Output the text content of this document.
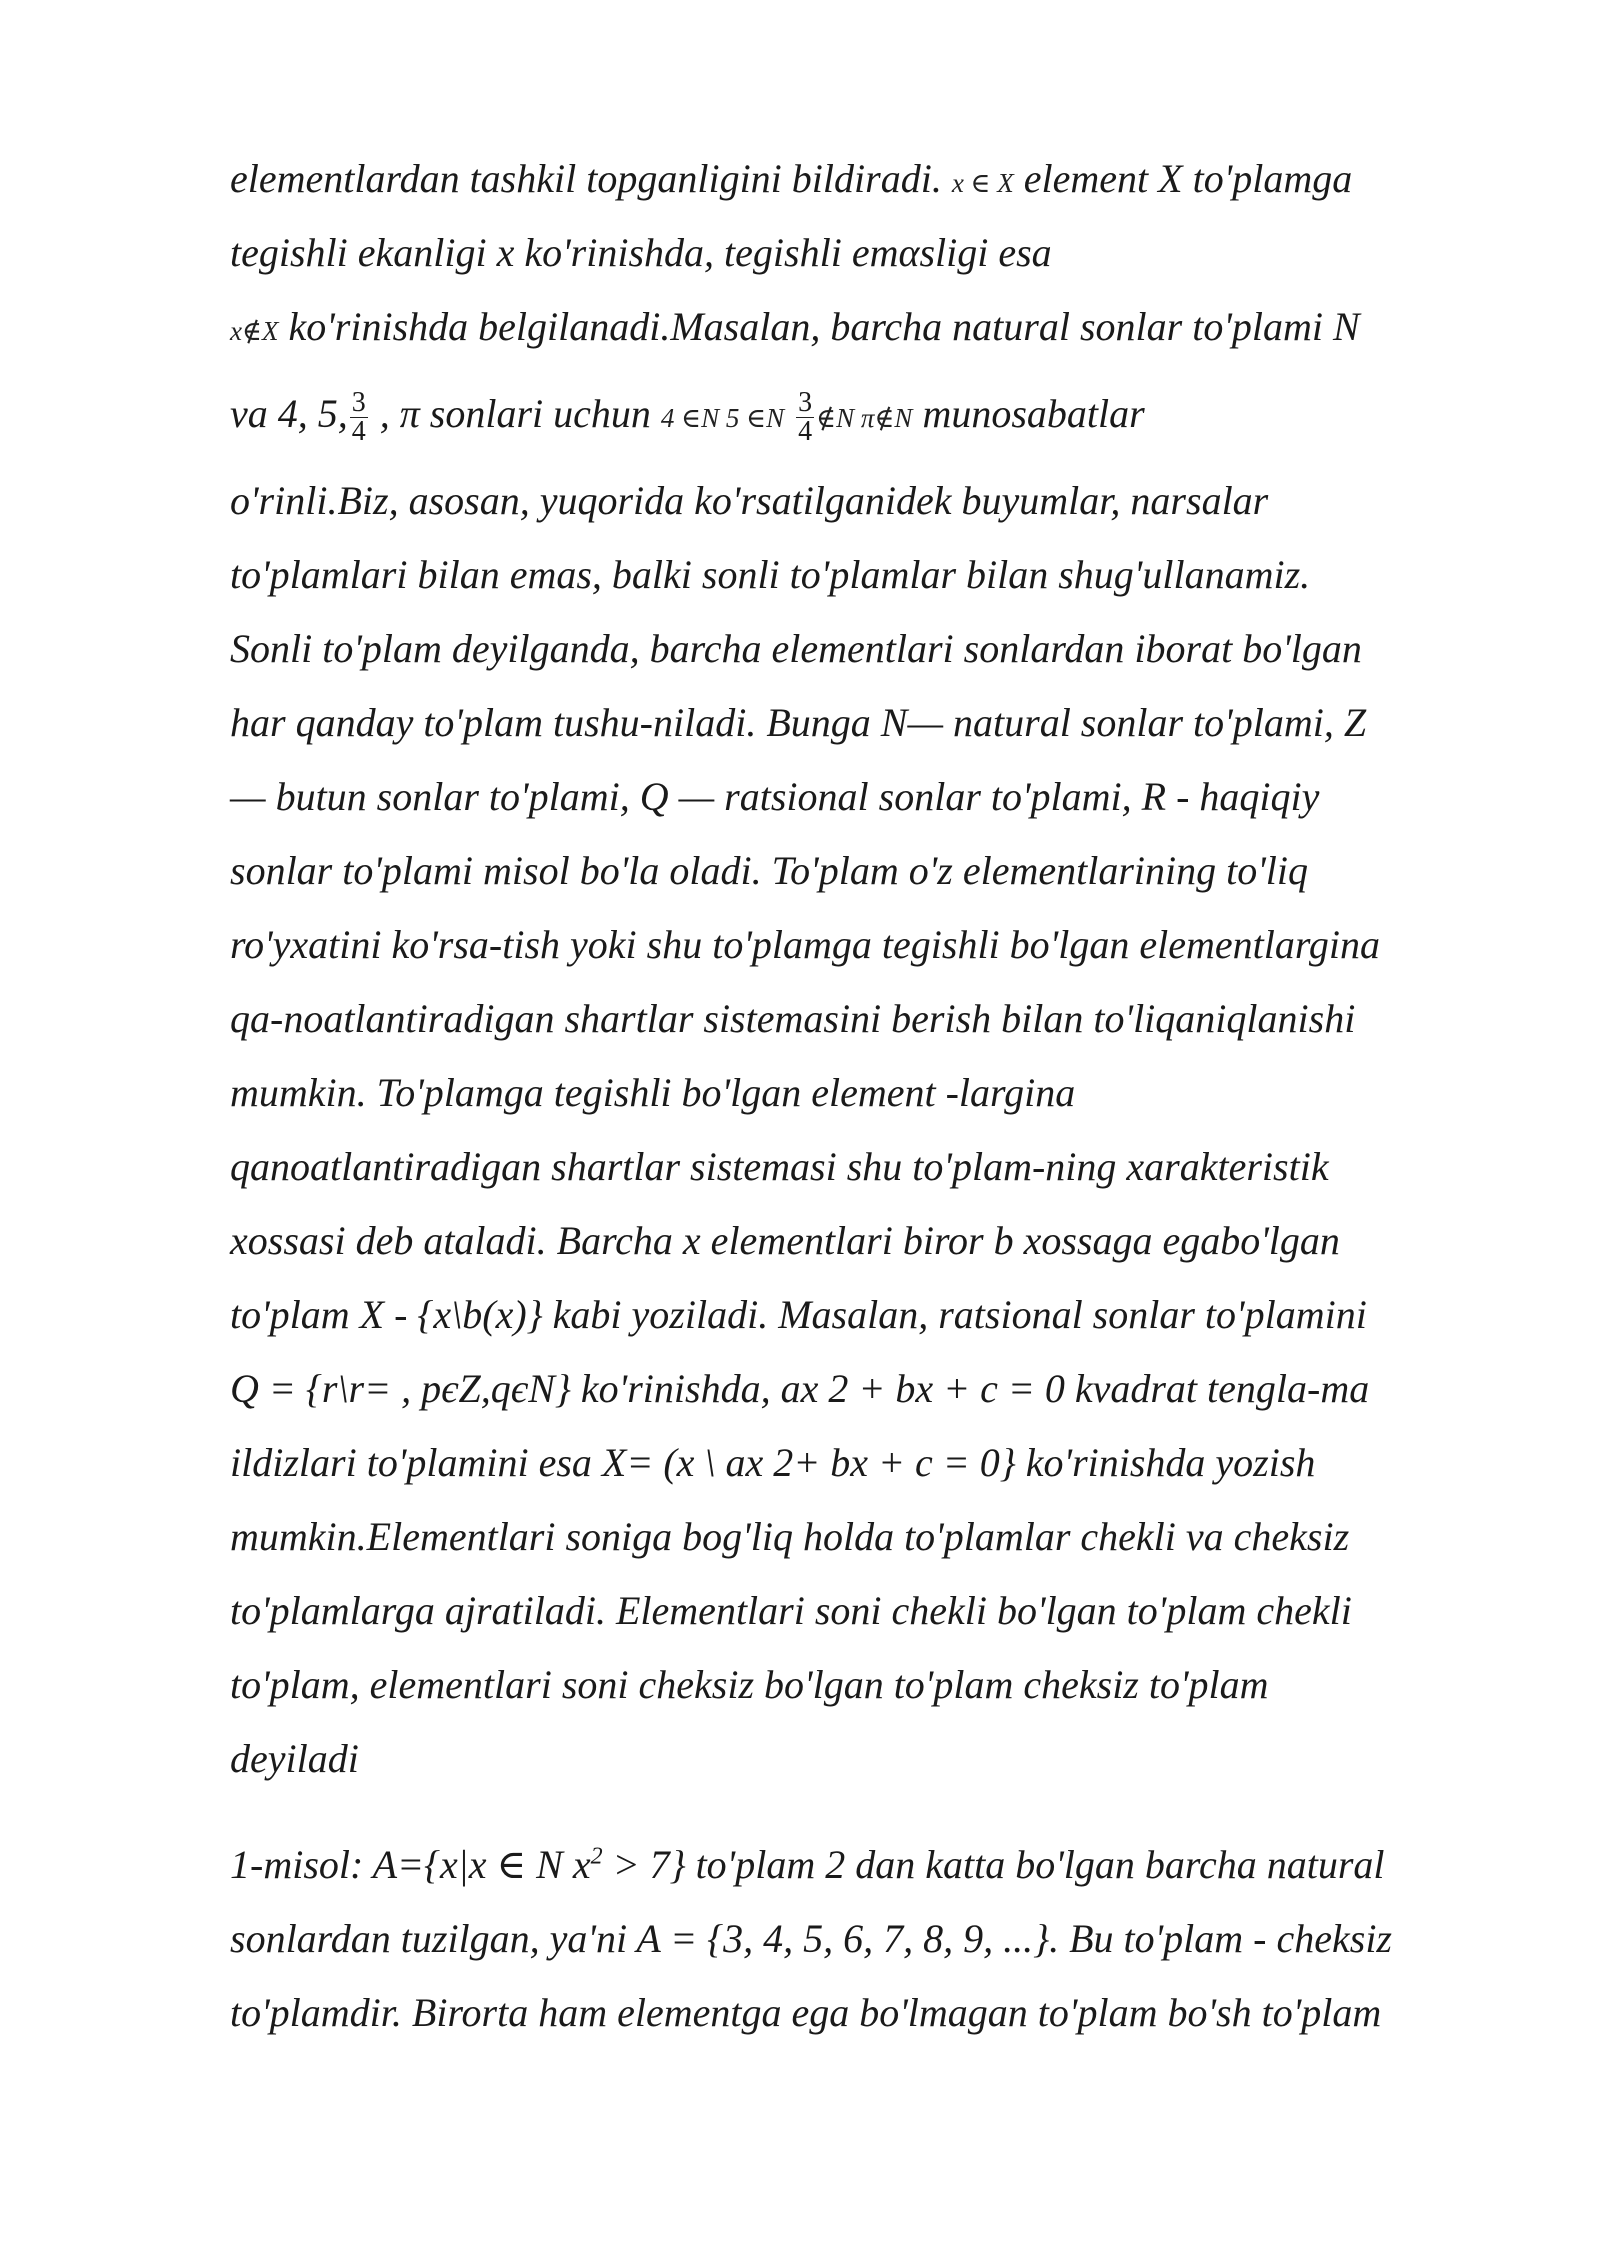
elementlardan tashkil topganligini bildiradi. x ∈ X element X to'plamga
tegishli ekanligi x ko'rinishda, tegishli emαsligi esa
x∉X ko'rinishda belgilanadi.Masalan, barcha natural sonlar to'plami N
va 4, 5, $\frac{3}{4}$ , π sonlari uchun 4 ∈N 5 ∈N $\frac{3}{4}$ ∉N π∉N munosabatlar
o'rinli.Biz, asosan, yuqorida ko'rsatilganidek buyumlar, narsalar
to'plamlari bilan emas, balki sonli to'plamlar bilan shug'ullanamiz.
Sonli to'plam deyilganda, barcha elementlari sonlardan iborat bo'lgan
har qanday to'plam tushu-niladi. Bunga N— natural sonlar to'plami, Z
— butun sonlar to'plami, Q — ratsional sonlar to'plami, R - haqiqiy
sonlar to'plami misol bo'la oladi. To'plam o'z elementlarining to'liq
ro'yxatini ko'rsa-tish yoki shu to'plamga tegishli bo'lgan elementlargina
qa-noatlantiradigan shartlar sistemasini berish bilan to'liqaniqlanishi
mumkin. To'plamga tegishli bo'lgan element -largina
qanoatlantiradigan shartlar sistemasi shu to'plam-ning xarakteristik
xossasi deb ataladi. Barcha x elementlari biror b xossaga egabo'lgan
to'plam X - {x\b(x)} kabi yoziladi. Masalan, ratsional sonlar to'plamini
Q = {r\r= , pєZ,qєN} ko'rinishda, ax 2 + bx + c = 0 kvadrat tengla-ma
ildizlari to'plamini esa X= (x \ ax 2+ bx + c = 0} ko'rinishda yozish
mumkin.Elementlari soniga bog'liq holda to'plamlar chekli va cheksiz
to'plamlarga ajratiladi. Elementlari soni chekli bo'lgan to'plam chekli
to'plam, elementlari soni cheksiz bo'lgan to'plam cheksiz to'plam
deyiladi
1-misol: A={x|x ∈ N $x^2 > 7$} to'plam 2 dan katta bo'lgan barcha natural
sonlardan tuzilgan, ya'ni A = {3, 4, 5, 6, 7, 8, 9, ...}. Bu to'plam - cheksiz
to'plamdir. Birorta ham elementga ega bo'lmagan to'plam bo'sh to'plam
